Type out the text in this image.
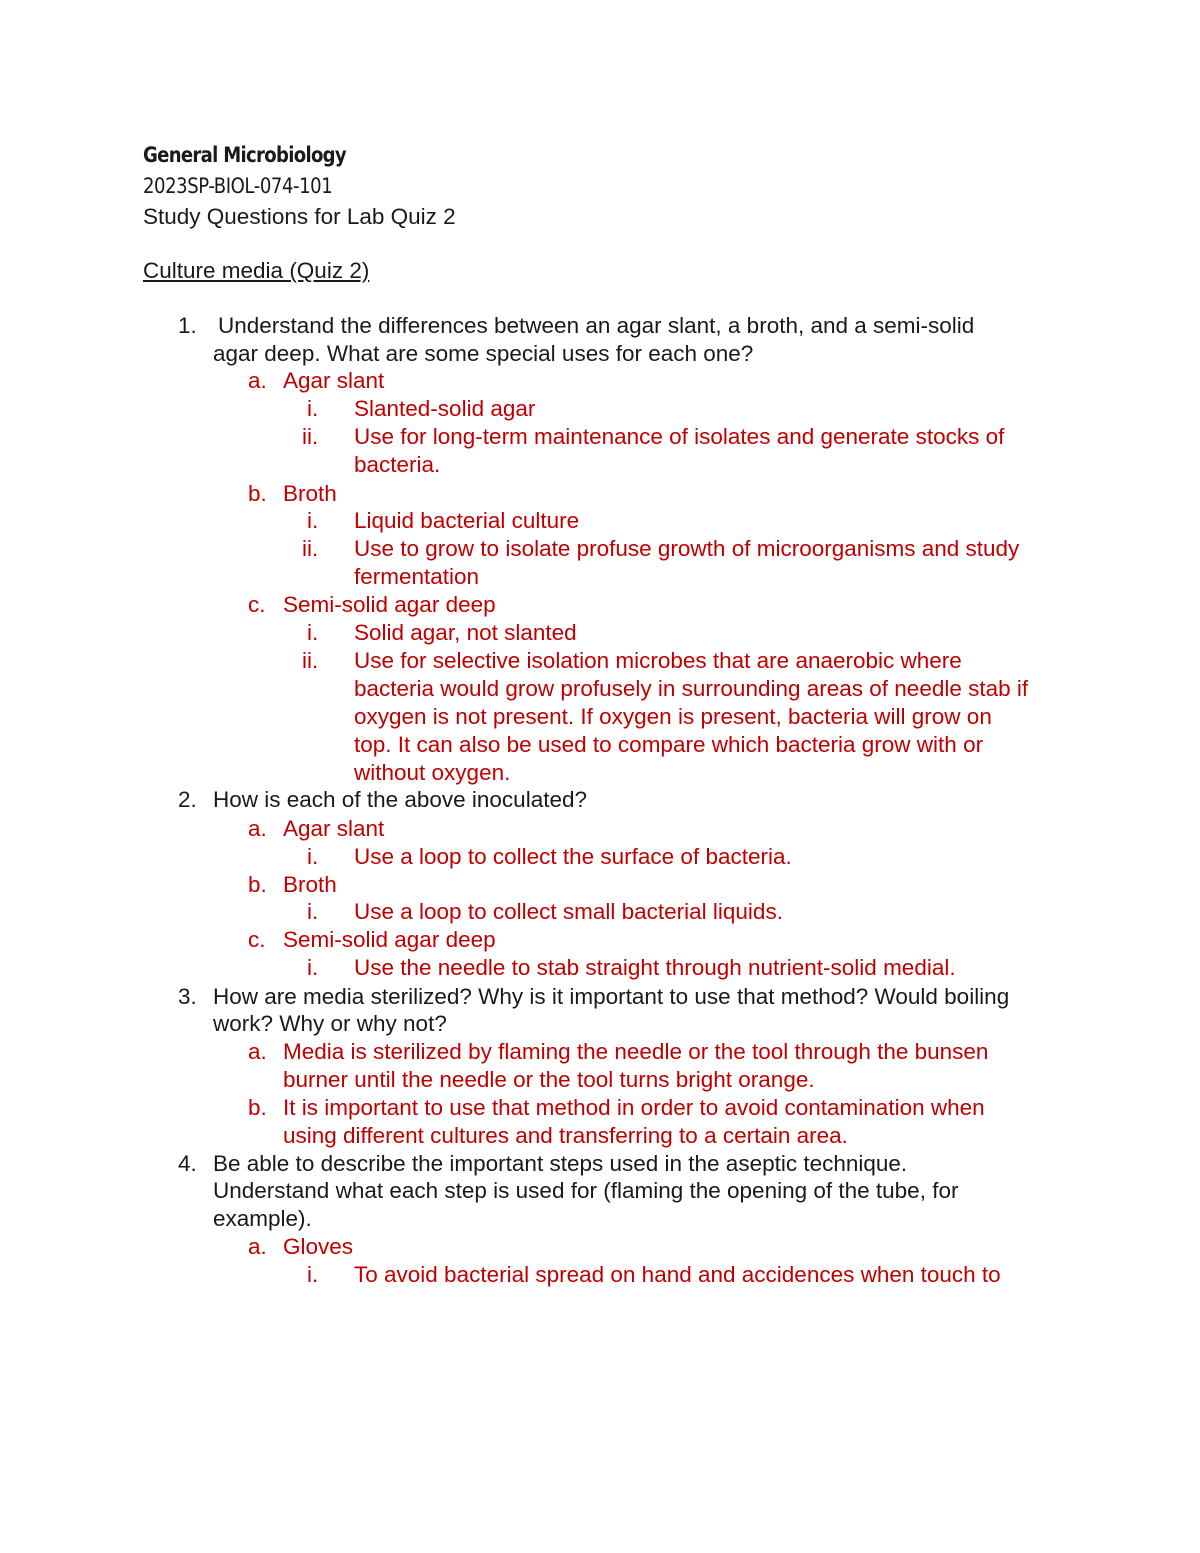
General Microbiology
2023SP-BIOL-074-101
Study Questions for Lab Quiz 2
Culture media (Quiz 2)
1. Understand the differences between an agar slant, a broth, and a semi-solid
agar deep. What are some special uses for each one?
a. Agar slant
i. Slanted-solid agar
ii. Use for long-term maintenance of isolates and generate stocks of
bacteria.
b. Broth
i. Liquid bacterial culture
ii. Use to grow to isolate profuse growth of microorganisms and study
fermentation
c. Semi-solid agar deep
i. Solid agar, not slanted
ii. Use for selective isolation microbes that are anaerobic where
bacteria would grow profusely in surrounding areas of needle stab if
oxygen is not present. If oxygen is present, bacteria will grow on
top. It can also be used to compare which bacteria grow with or
without oxygen.
2. How is each of the above inoculated?
a. Agar slant
i. Use a loop to collect the surface of bacteria.
b. Broth
i. Use a loop to collect small bacterial liquids.
c. Semi-solid agar deep
i. Use the needle to stab straight through nutrient-solid medial.
3. How are media sterilized? Why is it important to use that method? Would boiling
work? Why or why not?
a. Media is sterilized by flaming the needle or the tool through the bunsen
burner until the needle or the tool turns bright orange.
b. It is important to use that method in order to avoid contamination when
using different cultures and transferring to a certain area.
4. Be able to describe the important steps used in the aseptic technique.
Understand what each step is used for (flaming the opening of the tube, for
example).
a. Gloves
i. To avoid bacterial spread on hand and accidences when touch to
